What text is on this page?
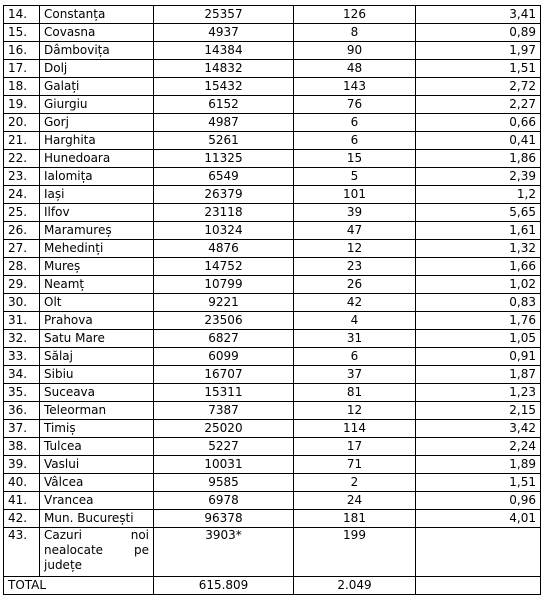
14.	Constanța	25357	126	3,41
15.	Covasna	4937	8	0,89
16.	Dâmbovița	14384	90	1,97
17.	Dolj	14832	48	1,51
18.	Galați	15432	143	2,72
19.	Giurgiu	6152	76	2,27
20.	Gorj	4987	6	0,66
21.	Harghita	5261	6	0,41
22.	Hunedoara	11325	15	1,86
23.	Ialomița	6549	5	2,39
24.	Iași	26379	101	1,2
25.	Ilfov	23118	39	5,65
26.	Maramureș	10324	47	1,61
27.	Mehedinți	4876	12	1,32
28.	Mureș	14752	23	1,66
29.	Neamț	10799	26	1,02
30.	Olt	9221	42	0,83
31.	Prahova	23506	4	1,76
32.	Satu Mare	6827	31	1,05
33.	Sălaj	6099	6	0,91
34.	Sibiu	16707	37	1,87
35.	Suceava	15311	81	1,23
36.	Teleorman	7387	12	2,15
37.	Timiș	25020	114	3,42
38.	Tulcea	5227	17	2,24
39.	Vaslui	10031	71	1,89
40.	Vâlcea	9585	2	1,51
41.	Vrancea	6978	24	0,96
42.	Mun. București	96378	181	4,01
43.	Cazuri noi
nealocate pe
județe	3903*	199	
TOTAL		615.809	2.049	
